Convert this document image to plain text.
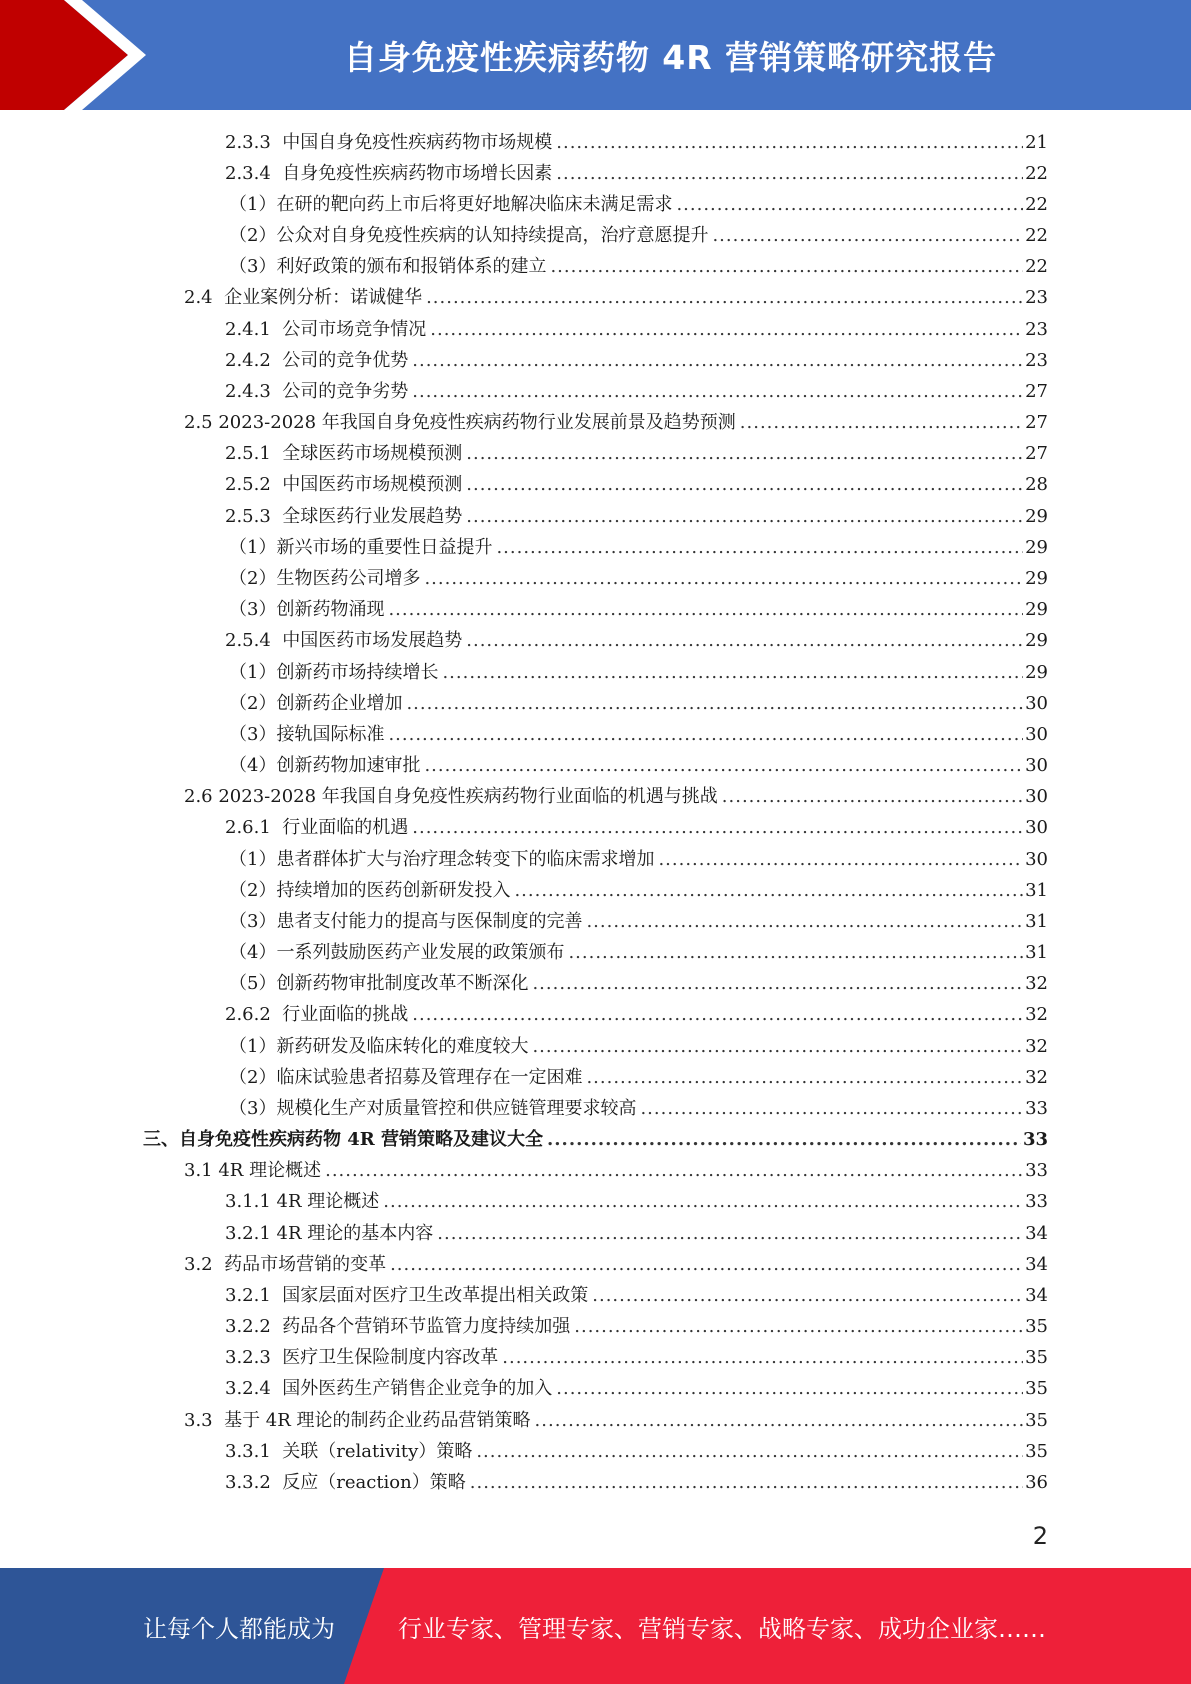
自身免疫性疾病药物 4R 营销策略研究报告
2.3.3 中国自身免疫性疾病药物市场规模 .....	21
2.3.4 自身免疫性疾病药物市场增长因素 .....	22
（1）在研的靶向药上市后将更好地解决临床未满足需求 .....	22
（2）公众对自身免疫性疾病的认知持续提高，治疗意愿提升 .....	22
（3）利好政策的颁布和报销体系的建立 .....	22
2.4 企业案例分析：诺诚健华 .....	23
2.4.1 公司市场竞争情况 .....	23
2.4.2 公司的竞争优势 .....	23
2.4.3 公司的竞争劣势 .....	27
2.5 2023-2028 年我国自身免疫性疾病药物行业发展前景及趋势预测 .....	27
2.5.1 全球医药市场规模预测 .....	27
2.5.2 中国医药市场规模预测 .....	28
2.5.3 全球医药行业发展趋势 .....	29
（1）新兴市场的重要性日益提升 .....	29
（2）生物医药公司增多 .....	29
（3）创新药物涌现 .....	29
2.5.4 中国医药市场发展趋势 .....	29
（1）创新药市场持续增长 .....	29
（2）创新药企业增加 .....	30
（3）接轨国际标准 .....	30
（4）创新药物加速审批 .....	30
2.6 2023-2028 年我国自身免疫性疾病药物行业面临的机遇与挑战 .....	30
2.6.1 行业面临的机遇 .....	30
（1）患者群体扩大与治疗理念转变下的临床需求增加 .....	30
（2）持续增加的医药创新研发投入 .....	31
（3）患者支付能力的提高与医保制度的完善 .....	31
（4）一系列鼓励医药产业发展的政策颁布 .....	31
（5）创新药物审批制度改革不断深化 .....	32
2.6.2 行业面临的挑战 .....	32
（1）新药研发及临床转化的难度较大 .....	32
（2）临床试验患者招募及管理存在一定困难 .....	32
（3）规模化生产对质量管控和供应链管理要求较高 .....	33
三、 自身免疫性疾病药物 4R 营销策略及建议大全 .....	33
3.1 4R 理论概述 .....	33
3.1.1 4R 理论概述 .....	33
3.2.1 4R 理论的基本内容 .....	34
3.2 药品市场营销的变革 .....	34
3.2.1 国家层面对医疗卫生改革提出相关政策 .....	34
3.2.2 药品各个营销环节监管力度持续加强 .....	35
3.2.3 医疗卫生保险制度内容改革 .....	35
3.2.4 国外医药生产销售企业竞争的加入 .....	35
3.3 基于 4R 理论的制药企业药品营销策略 .....	35
3.3.1 关联（relativity）策略 .....	35
3.3.2 反应（reaction）策略 .....	36
2
让每个人都能成为	行业专家、管理专家、营销专家、战略专家、成功企业家……
